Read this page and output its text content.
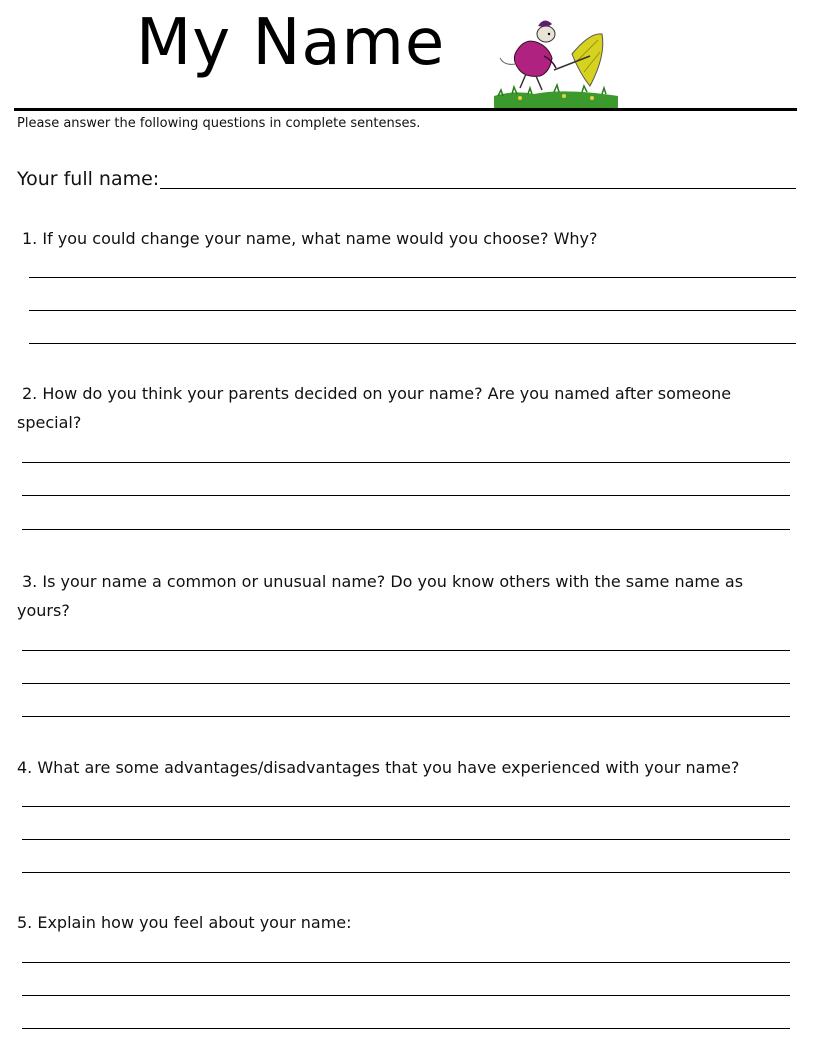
My Name
Please answer the following questions in complete sentenses.
Your full name:
1. If you could change your name, what name would you choose? Why?
2. How do you think your parents decided on your name? Are you named after someone special?
3. Is your name a common or unusual name? Do you know others with the same name as yours?
4. What are some advantages/disadvantages that you have experienced with your name?
5. Explain how you feel about your name:
